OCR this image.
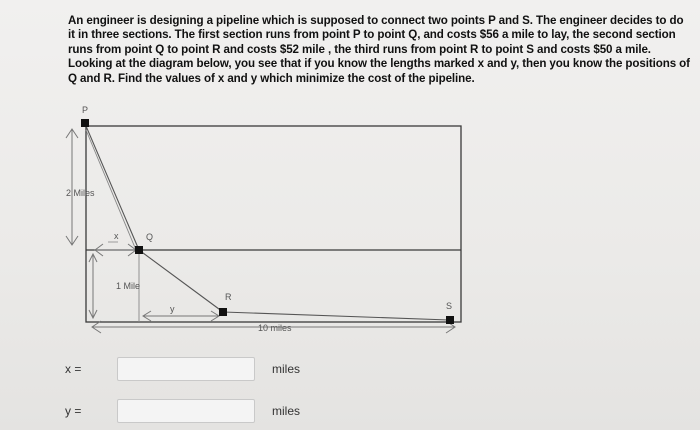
An engineer is designing a pipeline which is supposed to connect two points P and S. The engineer decides to do it in three sections. The first section runs from point P to point Q, and costs $56 a mile to lay, the second section runs from point Q to point R and costs $52 mile , the third runs from point R to point S and costs $50 a mile. Looking at the diagram below, you see that if you know the lengths marked x and y, then you know the positions of Q and R. Find the values of x and y which minimize the cost of the pipeline.
P
Q
R
S
2 Miles
1 Mile
x
y
10 miles
x =	miles
y =	miles
